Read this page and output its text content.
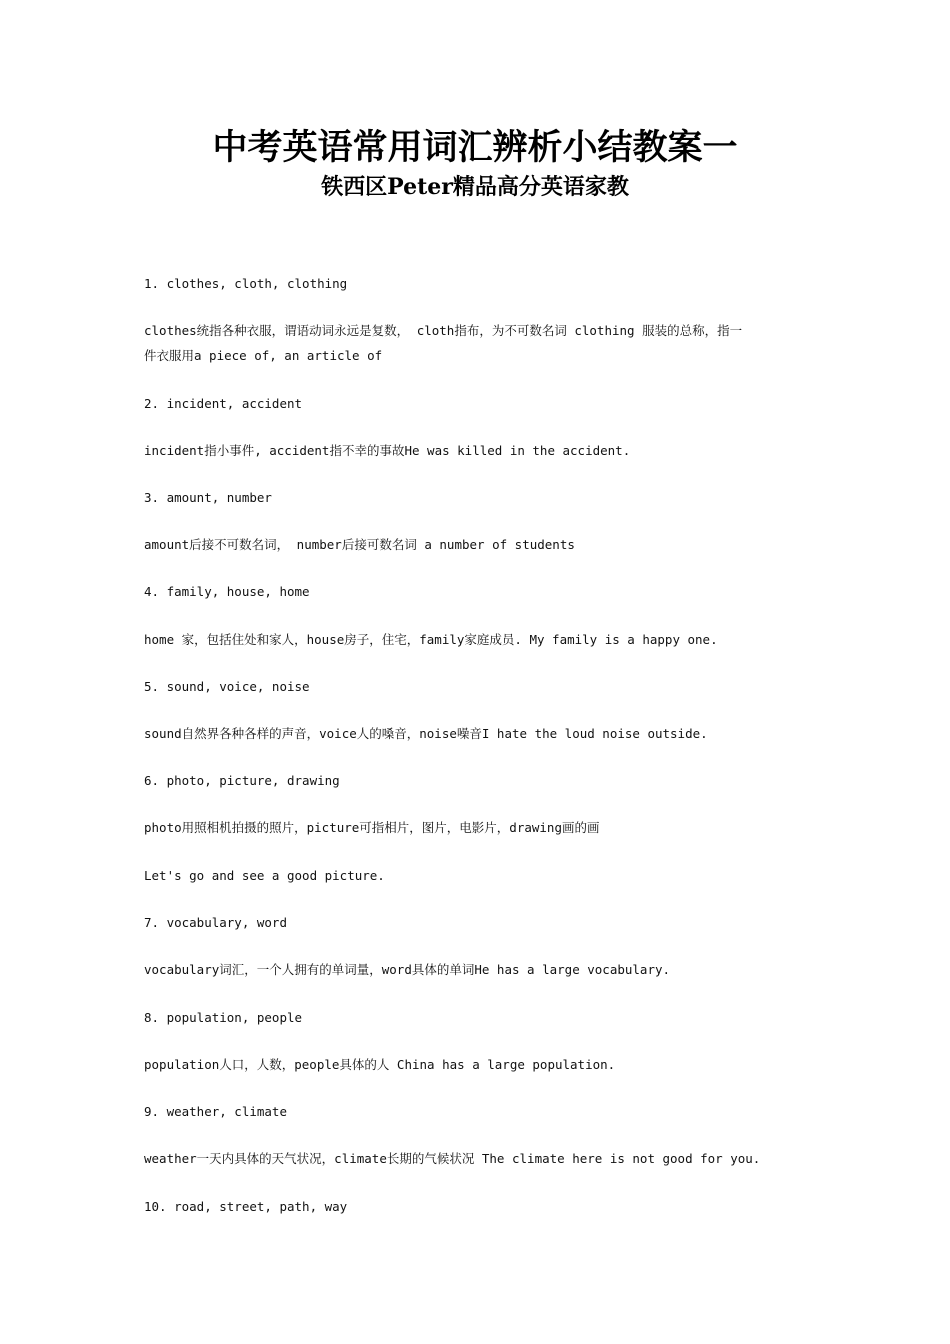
中考英语常用词汇辨析小结教案一
铁西区Peter精品高分英语家教

1. clothes, cloth, clothing

clothes统指各种衣服，谓语动词永远是复数， cloth指布，为不可数名词 clothing 服装的总称，指一

件衣服用a piece of, an article of

2. incident, accident

incident指小事件, accident指不幸的事故He was killed in the accident.

3. amount, number

amount后接不可数名词， number后接可数名词 a number of students

4. family, house, home

home 家，包括住处和家人，house房子，住宅，family家庭成员. My family is a happy one.

5. sound, voice, noise

sound自然界各种各样的声音，voice人的嗓音，noise噪音I hate the loud noise outside.

6. photo, picture, drawing

photo用照相机拍摄的照片，picture可指相片，图片，电影片，drawing画的画

Let's go and see a good picture.

7. vocabulary, word

vocabulary词汇，一个人拥有的单词量，word具体的单词He has a large vocabulary.

8. population, people

population人口，人数，people具体的人 China has a large population.

9. weather, climate

weather一天内具体的天气状况，climate长期的气候状况 The climate here is not good for you.

10. road, street, path, way
